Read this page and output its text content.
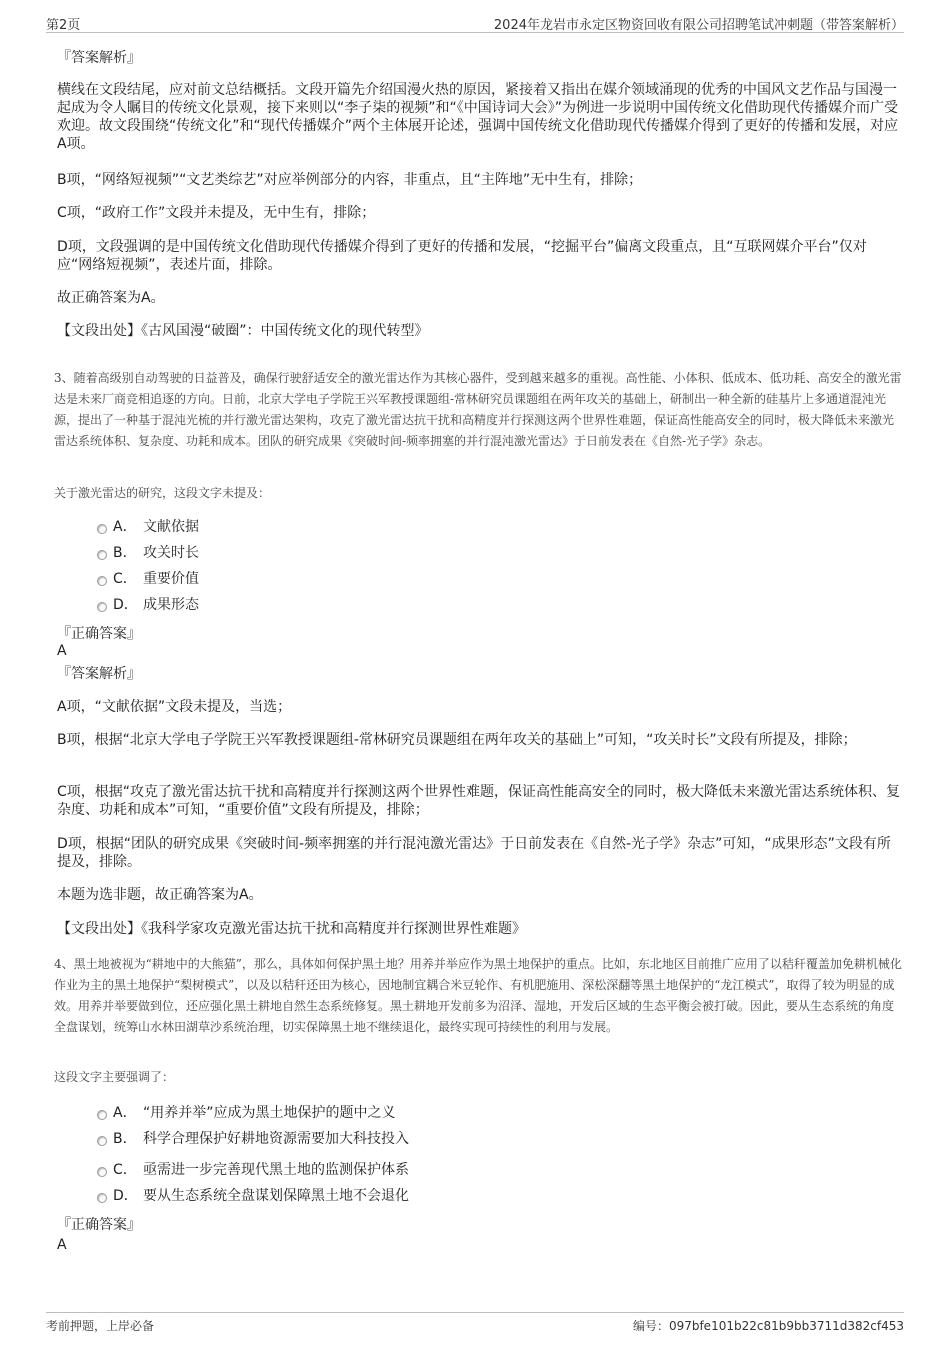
第2页	2024年龙岩市永定区物资回收有限公司招聘笔试冲刺题（带答案解析）
『答案解析』
横线在文段结尾，应对前文总结概括。文段开篇先介绍国漫火热的原因，紧接着又指出在媒介领域涌现的优秀的中国风文艺作品与国漫一起成为令人瞩目的传统文化景观，接下来则以“李子柒的视频”和“《中国诗词大会》”为例进一步说明中国传统文化借助现代传播媒介而广受欢迎。故文段围绕“传统文化”和“现代传播媒介”两个主体展开论述，强调中国传统文化借助现代传播媒介得到了更好的传播和发展，对应A项。
B项，“网络短视频”“文艺类综艺”对应举例部分的内容，非重点，且“主阵地”无中生有，排除；
C项，“政府工作”文段并未提及，无中生有，排除；
D项，文段强调的是中国传统文化借助现代传播媒介得到了更好的传播和发展，“挖掘平台”偏离文段重点，且“互联网媒介平台”仅对应“网络短视频”，表述片面，排除。
故正确答案为A。
【文段出处】《古风国漫“破圈”：中国传统文化的现代转型》
3、随着高级别自动驾驶的日益普及，确保行驶舒适安全的激光雷达作为其核心器件，受到越来越多的重视。高性能、小体积、低成本、低功耗、高安全的激光雷达是未来厂商竞相追逐的方向。日前，北京大学电子学院王兴军教授课题组-常林研究员课题组在两年攻关的基础上，研制出一种全新的硅基片上多通道混沌光源，提出了一种基于混沌光梳的并行激光雷达架构，攻克了激光雷达抗干扰和高精度并行探测这两个世界性难题，保证高性能高安全的同时，极大降低未来激光雷达系统体积、复杂度、功耗和成本。团队的研究成果《突破时间-频率拥塞的并行混沌激光雷达》于日前发表在《自然-光子学》杂志。
关于激光雷达的研究，这段文字未提及：
A． 文献依据
B． 攻关时长
C． 重要价值
D． 成果形态
『正确答案』
A
『答案解析』
A项，“文献依据”文段未提及，当选；
B项，根据“北京大学电子学院王兴军教授课题组-常林研究员课题组在两年攻关的基础上”可知，“攻关时长”文段有所提及，排除；
C项，根据“攻克了激光雷达抗干扰和高精度并行探测这两个世界性难题，保证高性能高安全的同时，极大降低未来激光雷达系统体积、复杂度、功耗和成本”可知，“重要价值”文段有所提及，排除；
D项，根据“团队的研究成果《突破时间-频率拥塞的并行混沌激光雷达》于日前发表在《自然-光子学》杂志”可知，“成果形态”文段有所提及，排除。
本题为选非题，故正确答案为A。
【文段出处】《我科学家攻克激光雷达抗干扰和高精度并行探测世界性难题》
4、黑土地被视为“耕地中的大熊猫”，那么，具体如何保护黑土地？用养并举应作为黑土地保护的重点。比如，东北地区目前推广应用了以秸秆覆盖加免耕机械化作业为主的黑土地保护“梨树模式”，以及以秸秆还田为核心，因地制宜耦合米豆轮作、有机肥施用、深松深翻等黑土地保护的“龙江模式”，取得了较为明显的成效。用养并举要做到位，还应强化黑土耕地自然生态系统修复。黑土耕地开发前多为沼泽、湿地，开发后区域的生态平衡会被打破。因此，要从生态系统的角度全盘谋划，统筹山水林田湖草沙系统治理，切实保障黑土地不继续退化，最终实现可持续性的利用与发展。
这段文字主要强调了：
A． “用养并举”应成为黑土地保护的题中之义
B． 科学合理保护好耕地资源需要加大科技投入
C． 亟需进一步完善现代黑土地的监测保护体系
D． 要从生态系统全盘谋划保障黑土地不会退化
『正确答案』
A
考前押题，上岸必备	编号：097bfe101b22c81b9bb3711d382cf453
